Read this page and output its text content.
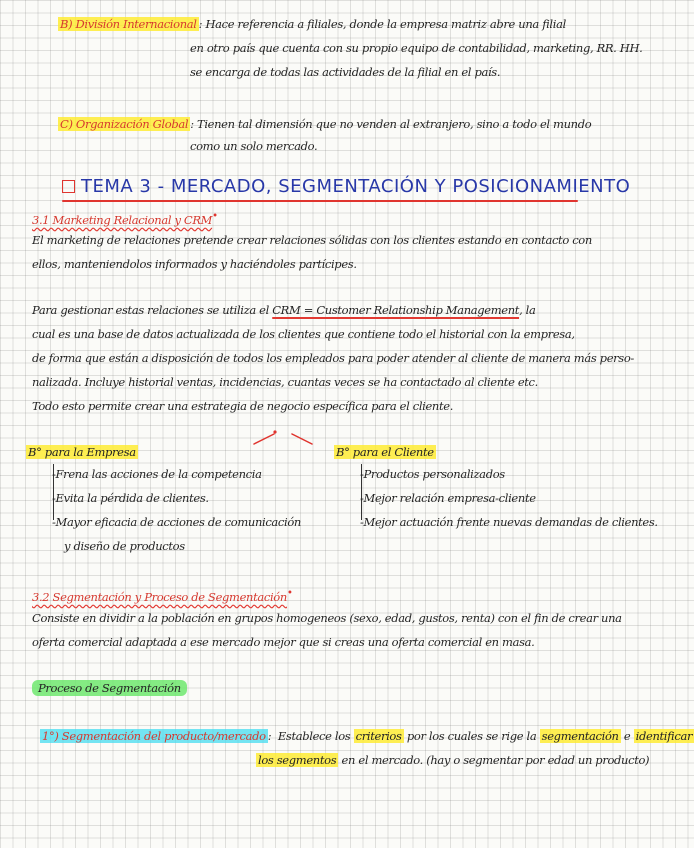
B) División Internacional : Hace referencia a filiales, donde la empresa matriz abre una filial

en otro país que cuenta con su propio equipo de contabilidad, marketing, RR. HH.

se encarga de todas las actividades de la filial en el país.

C) Organización Global : Tienen tal dimensión que no venden al extranjero, sino a todo el mundo

como un solo mercado.

TEMA 3 - MERCADO, SEGMENTACIÓN Y POSICIONAMIENTO

3.1 Marketing Relacional y CRM•

El marketing de relaciones pretende crear relaciones sólidas con los clientes estando en contacto con

ellos, manteniendolos informados y haciéndoles partícipes.

Para gestionar estas relaciones se utiliza el CRM = Customer Relationship Management, la

cual es una base de datos actualizada de los clientes que contiene todo el historial con la empresa,

de forma que están a disposición de todos los empleados para poder atender al cliente de manera más perso-

nalizada. Incluye historial ventas, incidencias, cuantas veces se ha contactado al cliente etc.

Todo esto permite crear una estrategia de negocio específica para el cliente.

B° para la Empresa

-Frena las acciones de la competencia

-Evita la pérdida de clientes.

-Mayor eficacia de acciones de comunicación

y diseño de productos

B° para el Cliente

-Productos personalizados

-Mejor relación empresa-cliente

-Mejor actuación frente nuevas demandas de clientes.

3.2 Segmentación y Proceso de Segmentación•

Consiste en dividir a la población en grupos homogeneos (sexo, edad, gustos, renta) con el fin de crear una

oferta comercial adaptada a ese mercado mejor que si creas una oferta comercial en masa.

Proceso de Segmentación

1°) Segmentación del producto/mercado : Establece los criterios por los cuales se rige la segmentación e identificar

los segmentos en el mercado. (hay o segmentar por edad un producto)
